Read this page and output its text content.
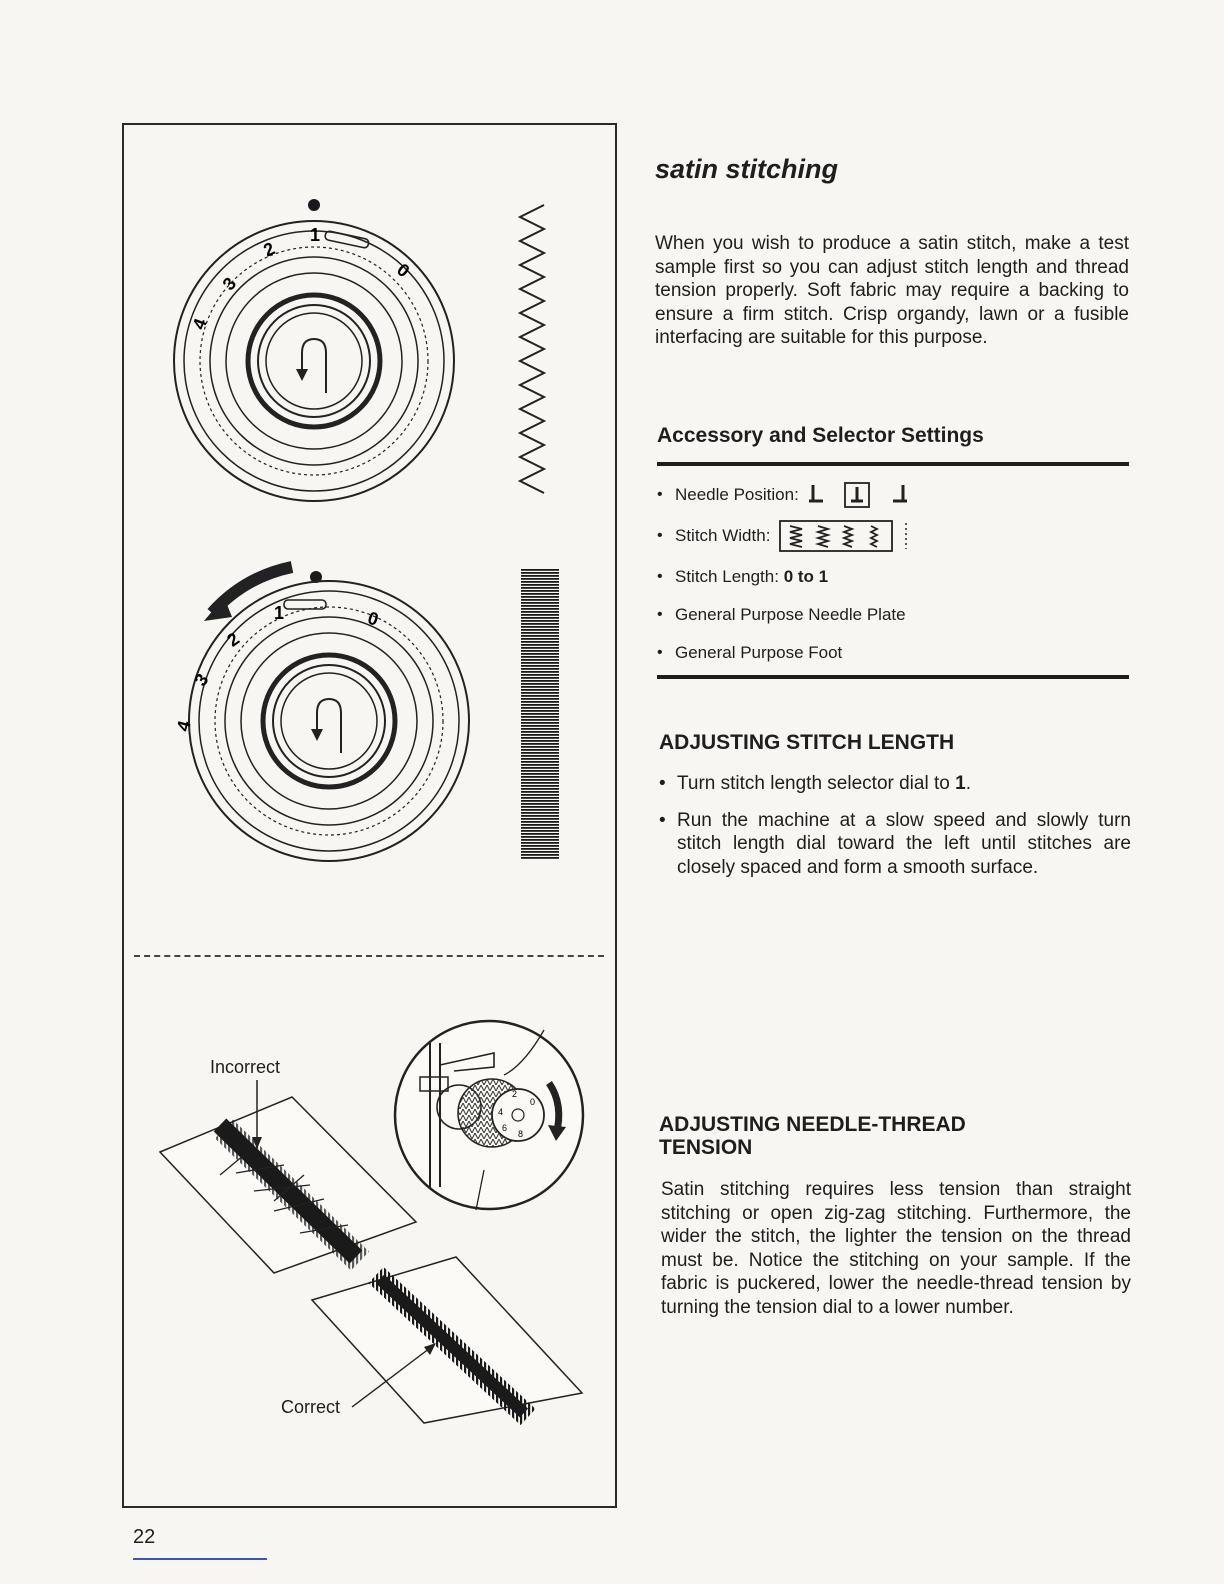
1
2
3
4
0
1
2
3
4
0
2
0
4
6
8
Incorrect
Correct
22
satin stitching

When you wish to produce a satin stitch, make a test sample first so you can adjust stitch length and thread tension properly. Soft fabric may require a backing to ensure a firm stitch. Crisp organdy, lawn or a fusible interfacing are suitable for this purpose.

Accessory and Selector Settings
• Needle Position:
• Stitch Width:
• Stitch Length:
0 to 1
• General Purpose Needle Plate
• General Purpose Foot
ADJUSTING STITCH LENGTH
• Turn stitch length selector dial to 1.
• Run the machine at a slow speed and slowly turn stitch length dial toward the left until stitches are closely spaced and form a smooth surface.
ADJUSTING NEEDLE-THREAD
TENSION

Satin stitching requires less tension than straight stitching or open zig-zag stitching. Furthermore, the wider the stitch, the lighter the tension on the thread must be. Notice the stitching on your sample. If the fabric is puckered, lower the needle-thread tension by turning the tension dial to a lower number.
